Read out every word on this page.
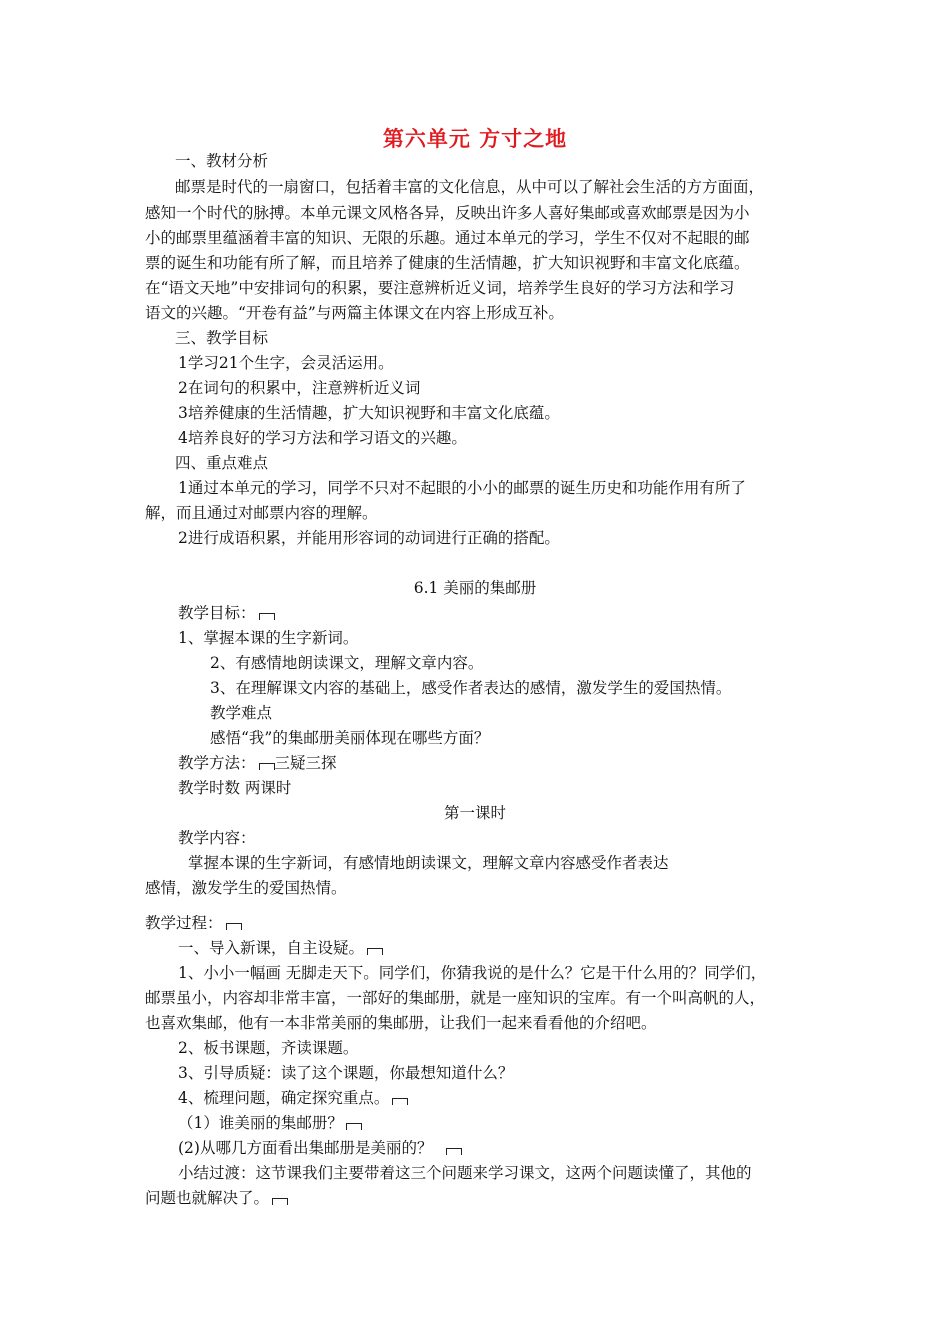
第六单元 方寸之地
一、教材分析
邮票是时代的一扇窗口，包括着丰富的文化信息，从中可以了解社会生活的方方面面，
感知一个时代的脉搏。本单元课文风格各异，反映出许多人喜好集邮或喜欢邮票是因为小
小的邮票里蕴涵着丰富的知识、无限的乐趣。通过本单元的学习，学生不仅对不起眼的邮
票的诞生和功能有所了解，而且培养了健康的生活情趣，扩大知识视野和丰富文化底蕴。
在“语文天地”中安排词句的积累，要注意辨析近义词，培养学生良好的学习方法和学习
语文的兴趣。“开卷有益”与两篇主体课文在内容上形成互补。
三、教学目标
1学习21个生字，会灵活运用。
2在词句的积累中，注意辨析近义词
3培养健康的生活情趣，扩大知识视野和丰富文化底蕴。
4培养良好的学习方法和学习语文的兴趣。
四、重点难点
1通过本单元的学习，同学不只对不起眼的小小的邮票的诞生历史和功能作用有所了
解，而且通过对邮票内容的理解。
2进行成语积累，并能用形容词的动词进行正确的搭配。
6.1 美丽的集邮册
教学目标：
1、掌握本课的生字新词。
2、有感情地朗读课文，理解文章内容。
3、在理解课文内容的基础上，感受作者表达的感情，激发学生的爱国热情。
教学难点
感悟“我”的集邮册美丽体现在哪些方面？
教学方法： 三疑三探
教学时数 两课时
第一课时
教学内容：
掌握本课的生字新词，有感情地朗读课文，理解文章内容感受作者表达
感情，激发学生的爱国热情。
教学过程：
一、导入新课，自主设疑。
1、小小一幅画 无脚走天下。同学们，你猜我说的是什么？它是干什么用的？同学们，
邮票虽小，内容却非常丰富，一部好的集邮册，就是一座知识的宝库。有一个叫高帆的人，
也喜欢集邮，他有一本非常美丽的集邮册，让我们一起来看看他的介绍吧。
2、板书课题，齐读课题。
3、引导质疑：读了这个课题，你最想知道什么？
4、梳理问题，确定探究重点。
（1）谁美丽的集邮册？
(2)从哪几方面看出集邮册是美丽的？
小结过渡：这节课我们主要带着这三个问题来学习课文，这两个问题读懂了，其他的
问题也就解决了。
